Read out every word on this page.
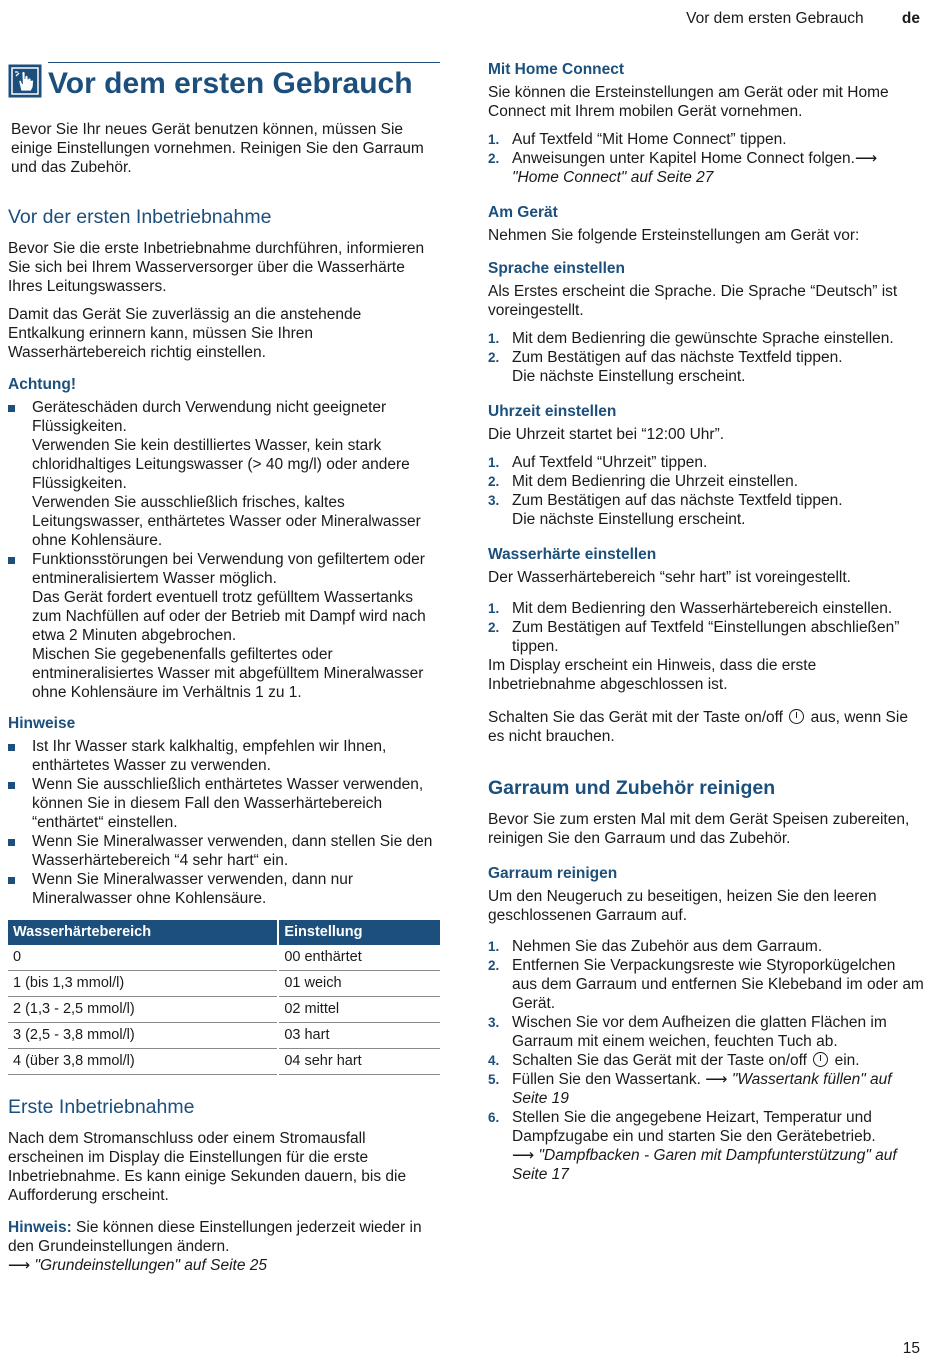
Vor dem ersten Gebrauch de
Vor dem ersten Gebrauch

Bevor Sie Ihr neues Gerät benutzen können, müssen Sie einige Einstellungen vornehmen. Reinigen Sie den Garraum und das Zubehör.

Vor der ersten Inbetriebnahme

Bevor Sie die erste Inbetriebnahme durchführen, informieren Sie sich bei Ihrem Wasserversorger über die Wasserhärte Ihres Leitungswassers.

Damit das Gerät Sie zuverlässig an die anstehende Entkalkung erinnern kann, müssen Sie Ihren Wasserhärtebereich richtig einstellen.

Achtung!
Geräteschäden durch Verwendung nicht geeigneter Flüssigkeiten.
Verwenden Sie kein destilliertes Wasser, kein stark chloridhaltiges Leitungswasser (> 40 mg/l) oder andere Flüssigkeiten.
Verwenden Sie ausschließlich frisches, kaltes Leitungswasser, enthärtetes Wasser oder Mineralwasser ohne Kohlensäure.
Funktionsstörungen bei Verwendung von gefiltertem oder entmineralisiertem Wasser möglich.
Das Gerät fordert eventuell trotz gefülltem Wassertanks zum Nachfüllen auf oder der Betrieb mit Dampf wird nach etwa 2 Minuten abgebrochen.
Mischen Sie gegebenenfalls gefiltertes oder entmineralisiertes Wasser mit abgefülltem Mineralwasser ohne Kohlensäure im Verhältnis 1 zu 1.
Hinweise
Ist Ihr Wasser stark kalkhaltig, empfehlen wir Ihnen, enthärtetes Wasser zu verwenden.
Wenn Sie ausschließlich enthärtetes Wasser verwenden, können Sie in diesem Fall den Wasserhärtebereich “enthärtet“ einstellen.
Wenn Sie Mineralwasser verwenden, dann stellen Sie den Wasserhärtebereich “4 sehr hart“ ein.
Wenn Sie Mineralwasser verwenden, dann nur Mineralwasser ohne Kohlensäure.
Wasserhärtebereich	Einstellung
0	00 enthärtet
1 (bis 1,3 mmol/l)	01 weich
2 (1,3 - 2,5 mmol/l)	02 mittel
3 (2,5 - 3,8 mmol/l)	03 hart
4 (über 3,8 mmol/l)	04 sehr hart
Erste Inbetriebnahme

Nach dem Stromanschluss oder einem Stromausfall erscheinen im Display die Einstellungen für die erste Inbetriebnahme. Es kann einige Sekunden dauern, bis die Aufforderung erscheint.

Hinweis: Sie können diese Einstellungen jederzeit wieder in den Grundeinstellungen ändern.
⟶ "Grundeinstellungen" auf Seite 25

Mit Home Connect

Sie können die Ersteinstellungen am Gerät oder mit Home Connect mit Ihrem mobilen Gerät vornehmen.

1. Auf Textfeld “Mit Home Connect” tippen.
2. Anweisungen unter Kapitel Home Connect folgen.⟶ "Home Connect" auf Seite 27
Am Gerät

Nehmen Sie folgende Ersteinstellungen am Gerät vor:

Sprache einstellen

Als Erstes erscheint die Sprache. Die Sprache “Deutsch” ist voreingestellt.

1. Mit dem Bedienring die gewünschte Sprache einstellen.
2. Zum Bestätigen auf das nächste Textfeld tippen.
Die nächste Einstellung erscheint.
Uhrzeit einstellen

Die Uhrzeit startet bei “12:00 Uhr”.

1. Auf Textfeld “Uhrzeit” tippen.
2. Mit dem Bedienring die Uhrzeit einstellen.
3. Zum Bestätigen auf das nächste Textfeld tippen.
Die nächste Einstellung erscheint.
Wasserhärte einstellen

Der Wasserhärtebereich “sehr hart” ist voreingestellt.

1. Mit dem Bedienring den Wasserhärtebereich einstellen.
2. Zum Bestätigen auf Textfeld “Einstellungen abschließen” tippen.

Im Display erscheint ein Hinweis, dass die erste Inbetriebnahme abgeschlossen ist.

Schalten Sie das Gerät mit der Taste on/off  aus, wenn Sie es nicht brauchen.

Garraum und Zubehör reinigen

Bevor Sie zum ersten Mal mit dem Gerät Speisen zubereiten, reinigen Sie den Garraum und das Zubehör.

Garraum reinigen

Um den Neugeruch zu beseitigen, heizen Sie den leeren geschlossenen Garraum auf.

1. Nehmen Sie das Zubehör aus dem Garraum.
2. Entfernen Sie Verpackungsreste wie Styroporkügelchen aus dem Garraum und entfernen Sie Klebeband im oder am Gerät.
3. Wischen Sie vor dem Aufheizen die glatten Flächen im Garraum mit einem weichen, feuchten Tuch ab.
4. Schalten Sie das Gerät mit der Taste on/off  ein.
5. Füllen Sie den Wassertank. ⟶ "Wassertank füllen" auf Seite 19
6. Stellen Sie die angegebene Heizart, Temperatur und Dampfzugabe ein und starten Sie den Gerätebetrieb.
⟶ "Dampfbacken - Garen mit Dampfunterstützung" auf Seite 17
15
